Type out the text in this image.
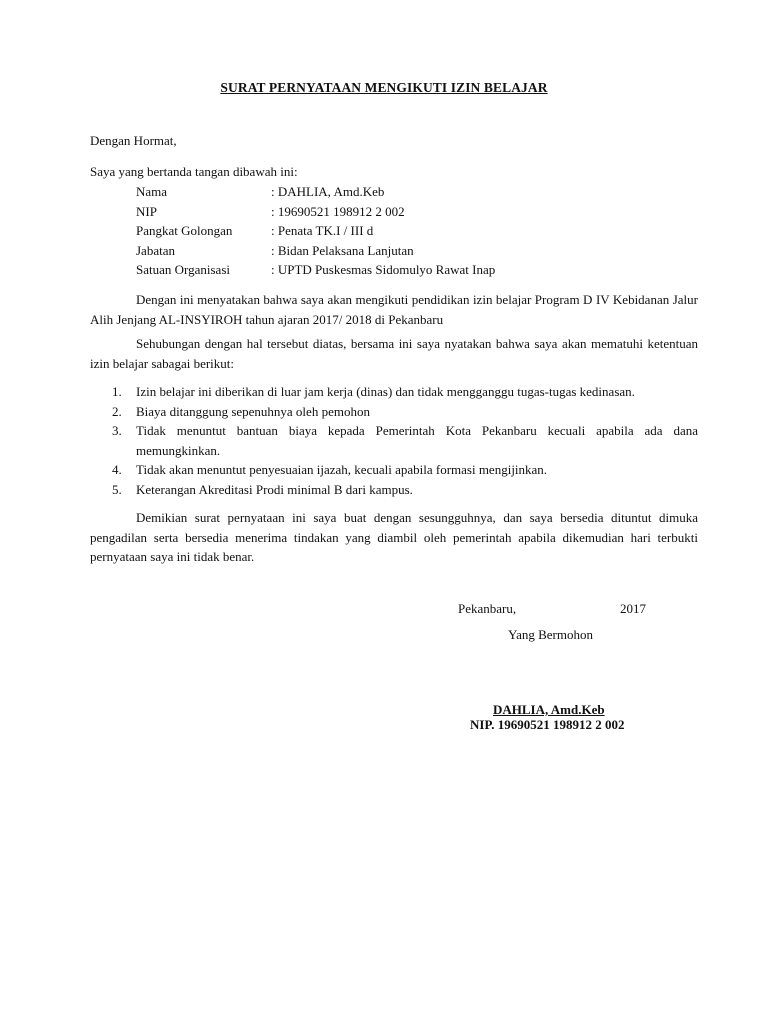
SURAT PERNYATAAN MENGIKUTI IZIN BELAJAR
Dengan Hormat,
Saya yang bertanda tangan dibawah ini:
Nama	: DAHLIA, Amd.Keb
NIP	: 19690521 198912 2 002
Pangkat Golongan	: Penata TK.I / III d
Jabatan	: Bidan Pelaksana Lanjutan
Satuan Organisasi	: UPTD Puskesmas Sidomulyo Rawat Inap
Dengan ini menyatakan bahwa saya akan mengikuti pendidikan izin belajar Program D IV Kebidanan Jalur Alih Jenjang AL-INSYIROH tahun ajaran 2017/ 2018 di Pekanbaru
Sehubungan dengan hal tersebut diatas, bersama ini saya nyatakan bahwa saya akan mematuhi ketentuan izin belajar sabagai berikut:
1. Izin belajar ini diberikan di luar jam kerja (dinas) dan tidak mengganggu tugas-tugas kedinasan.
2. Biaya ditanggung sepenuhnya oleh pemohon
3. Tidak menuntut bantuan biaya kepada Pemerintah Kota Pekanbaru kecuali apabila ada dana memungkinkan.
4. Tidak akan menuntut penyesuaian ijazah, kecuali apabila formasi mengijinkan.
5. Keterangan Akreditasi Prodi minimal B dari kampus.
Demikian surat pernyataan ini saya buat dengan sesungguhnya, dan saya bersedia dituntut dimuka pengadilan serta bersedia menerima tindakan yang diambil oleh pemerintah apabila dikemudian hari terbukti pernyataan saya ini tidak benar.
Pekanbaru,	2017
Yang Bermohon
DAHLIA, Amd.Keb
NIP. 19690521 198912 2 002
